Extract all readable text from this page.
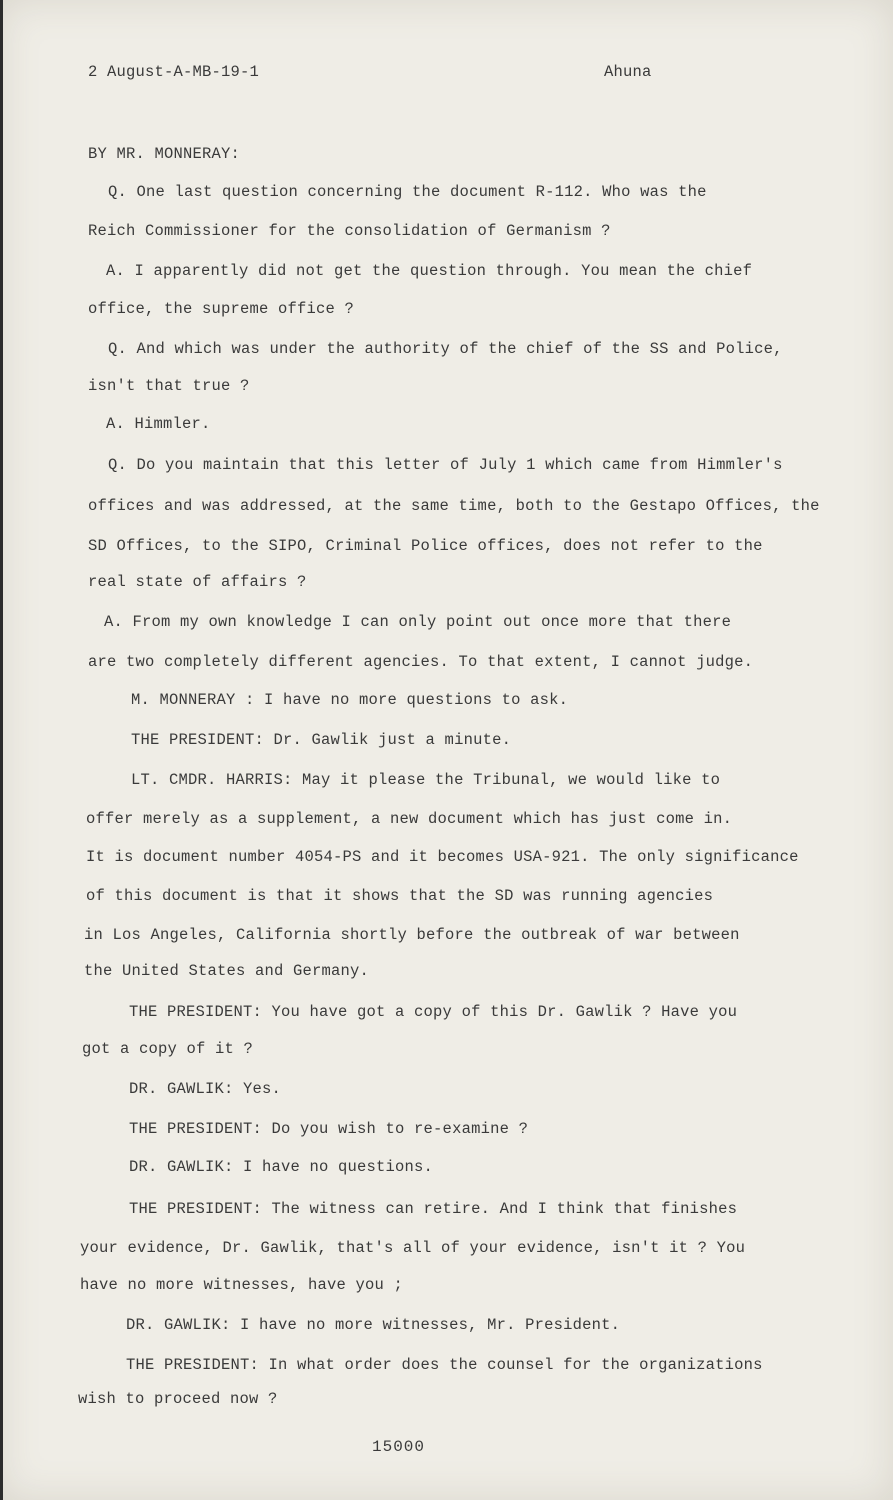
2 August-A-MB-19-1	Ahuna
BY MR. MONNERAY:
Q. One last question concerning the document R-112. Who was the
Reich Commissioner for the consolidation of Germanism ?
A. I apparently did not get the question through. You mean the chief
office, the supreme office ?
Q. And which was under the authority of the chief of the SS and Police,
isn't that true ?
A. Himmler.
Q. Do you maintain that this letter of July 1 which came from Himmler's
offices and was addressed, at the same time, both to the Gestapo Offices, the
SD Offices, to the SIPO, Criminal Police offices, does not refer to the
real state of affairs ?
A. From my own knowledge I can only point out once more that there
are two completely different agencies. To that extent, I cannot judge.
M. MONNERAY : I have no more questions to ask.
THE PRESIDENT: Dr. Gawlik just a minute.
LT. CMDR. HARRIS: May it please the Tribunal, we would like to
offer merely as a supplement, a new document which has just come in.
It is document number 4054-PS and it becomes USA-921. The only significance
of this document is that it shows that the SD was running agencies
in Los Angeles, California shortly before the outbreak of war between
the United States and Germany.
THE PRESIDENT: You have got a copy of this Dr. Gawlik ? Have you
got a copy of it ?
DR. GAWLIK: Yes.
THE PRESIDENT: Do you wish to re-examine ?
DR. GAWLIK: I have no questions.
THE PRESIDENT: The witness can retire. And I think that finishes
your evidence, Dr. Gawlik, that's all of your evidence, isn't it ? You
have no more witnesses, have you ;
DR. GAWLIK: I have no more witnesses, Mr. President.
THE PRESIDENT: In what order does the counsel for the organizations
wish to proceed now ?
15000
